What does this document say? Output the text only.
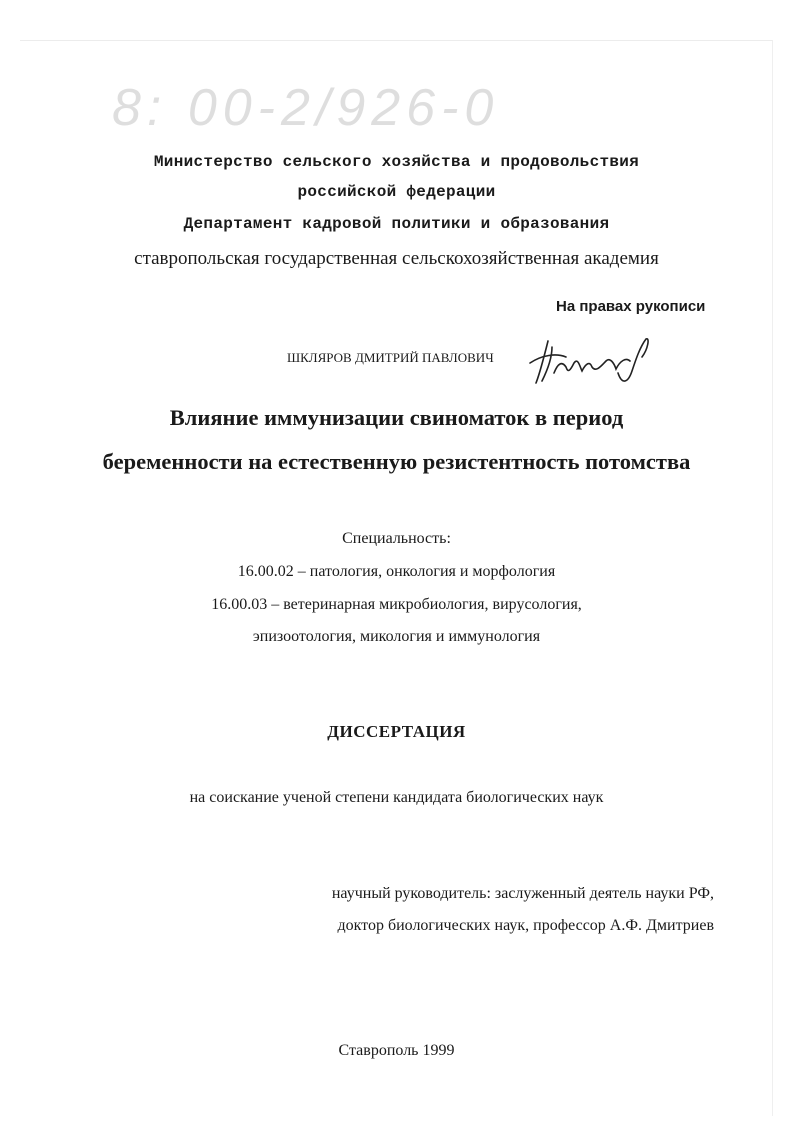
8: 00-2/926-0
Министерство сельского хозяйства и продовольствия
российской федерации
Департамент кадровой политики и образования
ставропольская государственная сельскохозяйственная академия
На правах рукописи
ШКЛЯРОВ ДМИТРИЙ ПАВЛОВИЧ
Влияние иммунизации свиноматок в период
беременности на естественную резистентность потомства
Специальность:
16.00.02 – патология, онкология и морфология
16.00.03 – ветеринарная микробиология, вирусология,
эпизоотология, микология и иммунология
ДИССЕРТАЦИЯ
на соискание ученой степени кандидата биологических наук
научный руководитель: заслуженный деятель науки РФ,
доктор биологических наук, профессор А.Ф. Дмитриев
Ставрополь 1999
